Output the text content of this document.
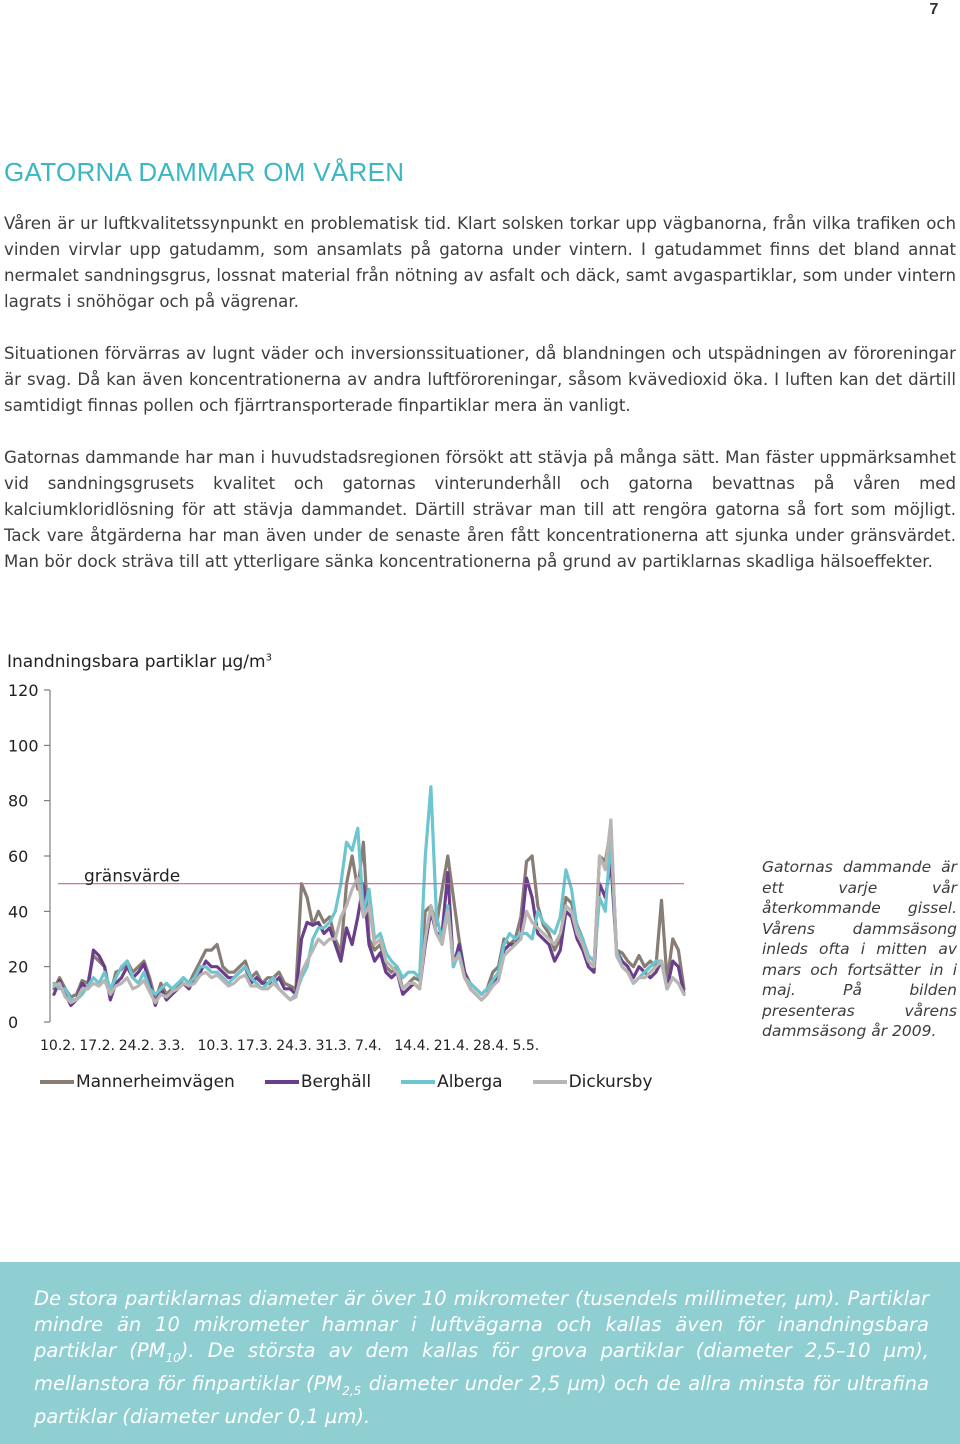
7
GATORNA DAMMAR OM VÅREN

Våren är ur luftkvalitetssynpunkt en problematisk tid. Klart solsken torkar upp vägbanorna, från vilka trafiken och vinden virvlar upp gatudamm, som ansamlats på gatorna under vintern. I gatudammet finns det bland annat nermalet sandningsgrus, lossnat material från nötning av asfalt och däck, samt avgaspartiklar, som under vintern lagrats i snöhögar och på vägrenar.

Situationen förvärras av lugnt väder och inversionssituationer, då blandningen och utspädningen av föroreningar är svag. Då kan även koncentrationerna av andra luftföroreningar, såsom kvävedioxid öka. I luften kan det därtill samtidigt finnas pollen och fjärrtransporterade finpartiklar mera än vanligt.

Gatornas dammande har man i huvudstadsregionen försökt att stävja på många sätt. Man fäster uppmärksamhet vid sandningsgrusets kvalitet och gatornas vinterunderhåll och gatorna bevattnas på våren med kalciumkloridlösning för att stävja dammandet. Därtill strävar man till att rengöra gatorna så fort som möjligt. Tack vare åtgärderna har man även under de senaste åren fått koncentrationerna att sjunka under gränsvärdet. Man bör dock sträva till att ytterligare sänka koncentrationerna på grund av partiklarnas skadliga hälsoeffekter.

Inandningsbara partiklar $\mu g/m^3$
0
20
40
60
80
100
120
10.2. 17.2. 24.2. 3.3. 10.3. 17.3. 24.3. 31.3. 7.4. 14.4. 21.4. 28.4. 5.5.
gränsvärde
Mannerheimvägen	Berghäll	Alberga	Dickursby
Gatornas dammande är ett varje vår återkommande gissel. Vårens dammsäsong inleds ofta i mitten av mars och fortsätter in i maj. På bilden presenteras vårens dammsäsong år 2009.

De stora partiklarnas diameter är över 10 mikrometer (tusendels millimeter, µm). Partiklar mindre än 10 mikrometer hamnar i luftvägarna och kallas även för inandningsbara partiklar $(PM_{10})$. De största av dem kallas för grova partiklar (diameter 2,5–10 µm), mellanstora för finpartiklar ($PM_{2,5}$ diameter under 2,5 µm) och de allra minsta för ultrafina partiklar (diameter under 0,1 µm).
